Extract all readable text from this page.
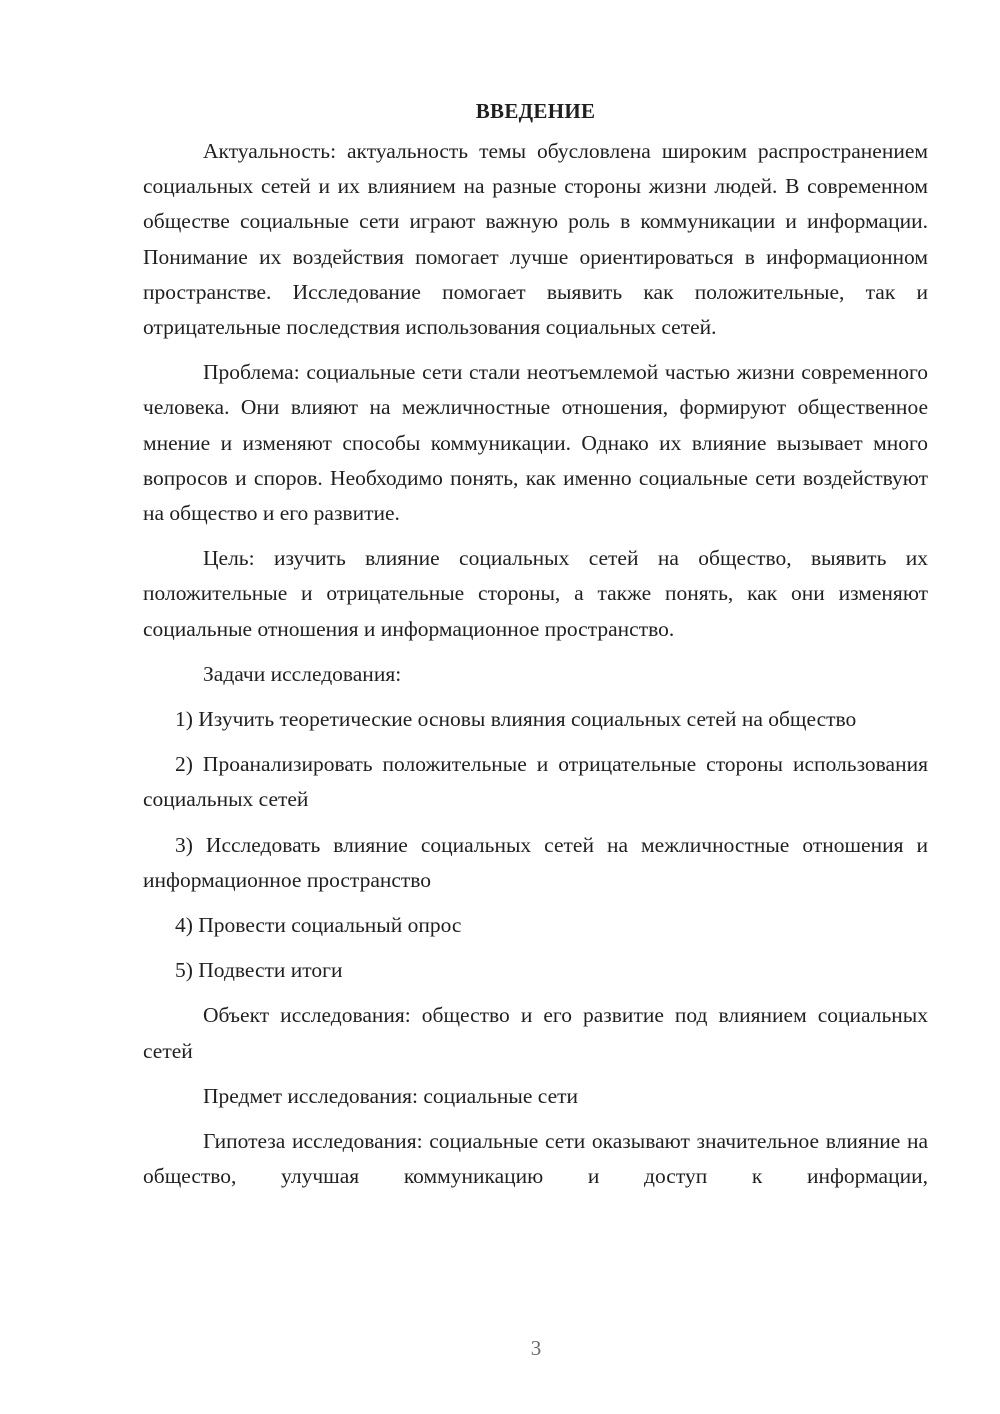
ВВЕДЕНИЕ

Актуальность: актуальность темы обусловлена широким распространением социальных сетей и их влиянием на разные стороны жизни людей. В современном обществе социальные сети играют важную роль в коммуникации и информации. Понимание их воздействия помогает лучше ориентироваться в информационном пространстве. Исследование помогает выявить как положительные, так и отрицательные последствия использования социальных сетей.

Проблема: социальные сети стали неотъемлемой частью жизни современного человека. Они влияют на межличностные отношения, формируют общественное мнение и изменяют способы коммуникации. Однако их влияние вызывает много вопросов и споров. Необходимо понять, как именно социальные сети воздействуют на общество и его развитие.

Цель: изучить влияние социальных сетей на общество, выявить их положительные и отрицательные стороны, а также понять, как они изменяют социальные отношения и информационное пространство.

Задачи исследования:

1) Изучить теоретические основы влияния социальных сетей на общество

2) Проанализировать положительные и отрицательные стороны использования социальных сетей

3) Исследовать влияние социальных сетей на межличностные отношения и информационное пространство

4) Провести социальный опрос

5) Подвести итоги

Объект исследования: общество и его развитие под влиянием социальных сетей

Предмет исследования: социальные сети

Гипотеза исследования: социальные сети оказывают значительное влияние на общество, улучшая коммуникацию и доступ к информации,

3
